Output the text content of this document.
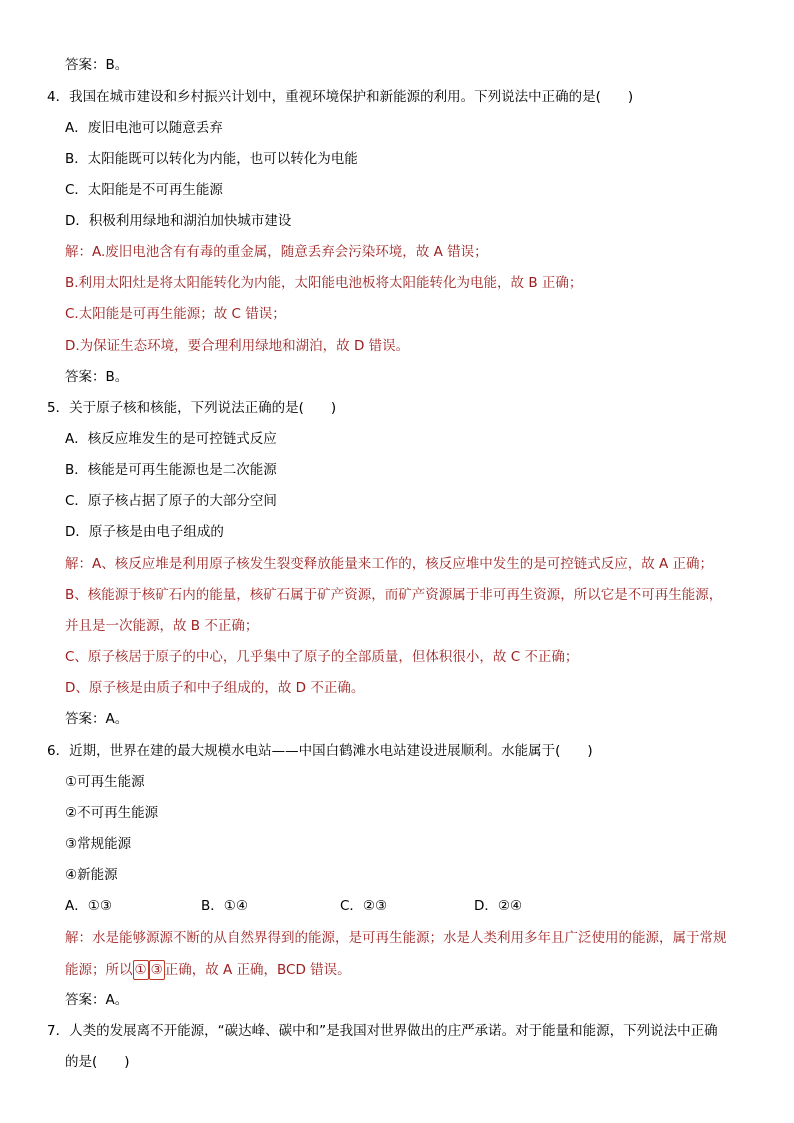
答案：B。
4．我国在城市建设和乡村振兴计划中，重视环境保护和新能源的利用。下列说法中正确的是(　　)
A．废旧电池可以随意丢弃
B．太阳能既可以转化为内能，也可以转化为电能
C．太阳能是不可再生能源
D．积极利用绿地和湖泊加快城市建设
解：A.废旧电池含有有毒的重金属，随意丢弃会污染环境，故 A 错误；
B.利用太阳灶是将太阳能转化为内能，太阳能电池板将太阳能转化为电能，故 B 正确；
C.太阳能是可再生能源；故 C 错误；
D.为保证生态环境，要合理利用绿地和湖泊，故 D 错误。
答案：B。
5．关于原子核和核能，下列说法正确的是(　　)
A．核反应堆发生的是可控链式反应
B．核能是可再生能源也是二次能源
C．原子核占据了原子的大部分空间
D．原子核是由电子组成的
解：A、核反应堆是利用原子核发生裂变释放能量来工作的，核反应堆中发生的是可控链式反应，故 A 正确；
B、核能源于核矿石内的能量，核矿石属于矿产资源，而矿产资源属于非可再生资源，所以它是不可再生能源，
并且是一次能源，故 B 不正确；
C、原子核居于原子的中心，几乎集中了原子的全部质量，但体积很小，故 C 不正确；
D、原子核是由质子和中子组成的，故 D 不正确。
答案：A。
6．近期，世界在建的最大规模水电站——中国白鹤滩水电站建设进展顺利。水能属于(　　)
①可再生能源
②不可再生能源
③常规能源
④新能源
A．①③	B．①④	C．②③	D．②④
解：水是能够源源不断的从自然界得到的能源，是可再生能源；水是人类利用多年且广泛使用的能源，属于常规
能源；所以 ① ③ 正确，故 A 正确，BCD 错误。
答案：A。
7．人类的发展离不开能源，“碳达峰、碳中和”是我国对世界做出的庄严承诺。对于能量和能源，下列说法中正确
的是(　　)
